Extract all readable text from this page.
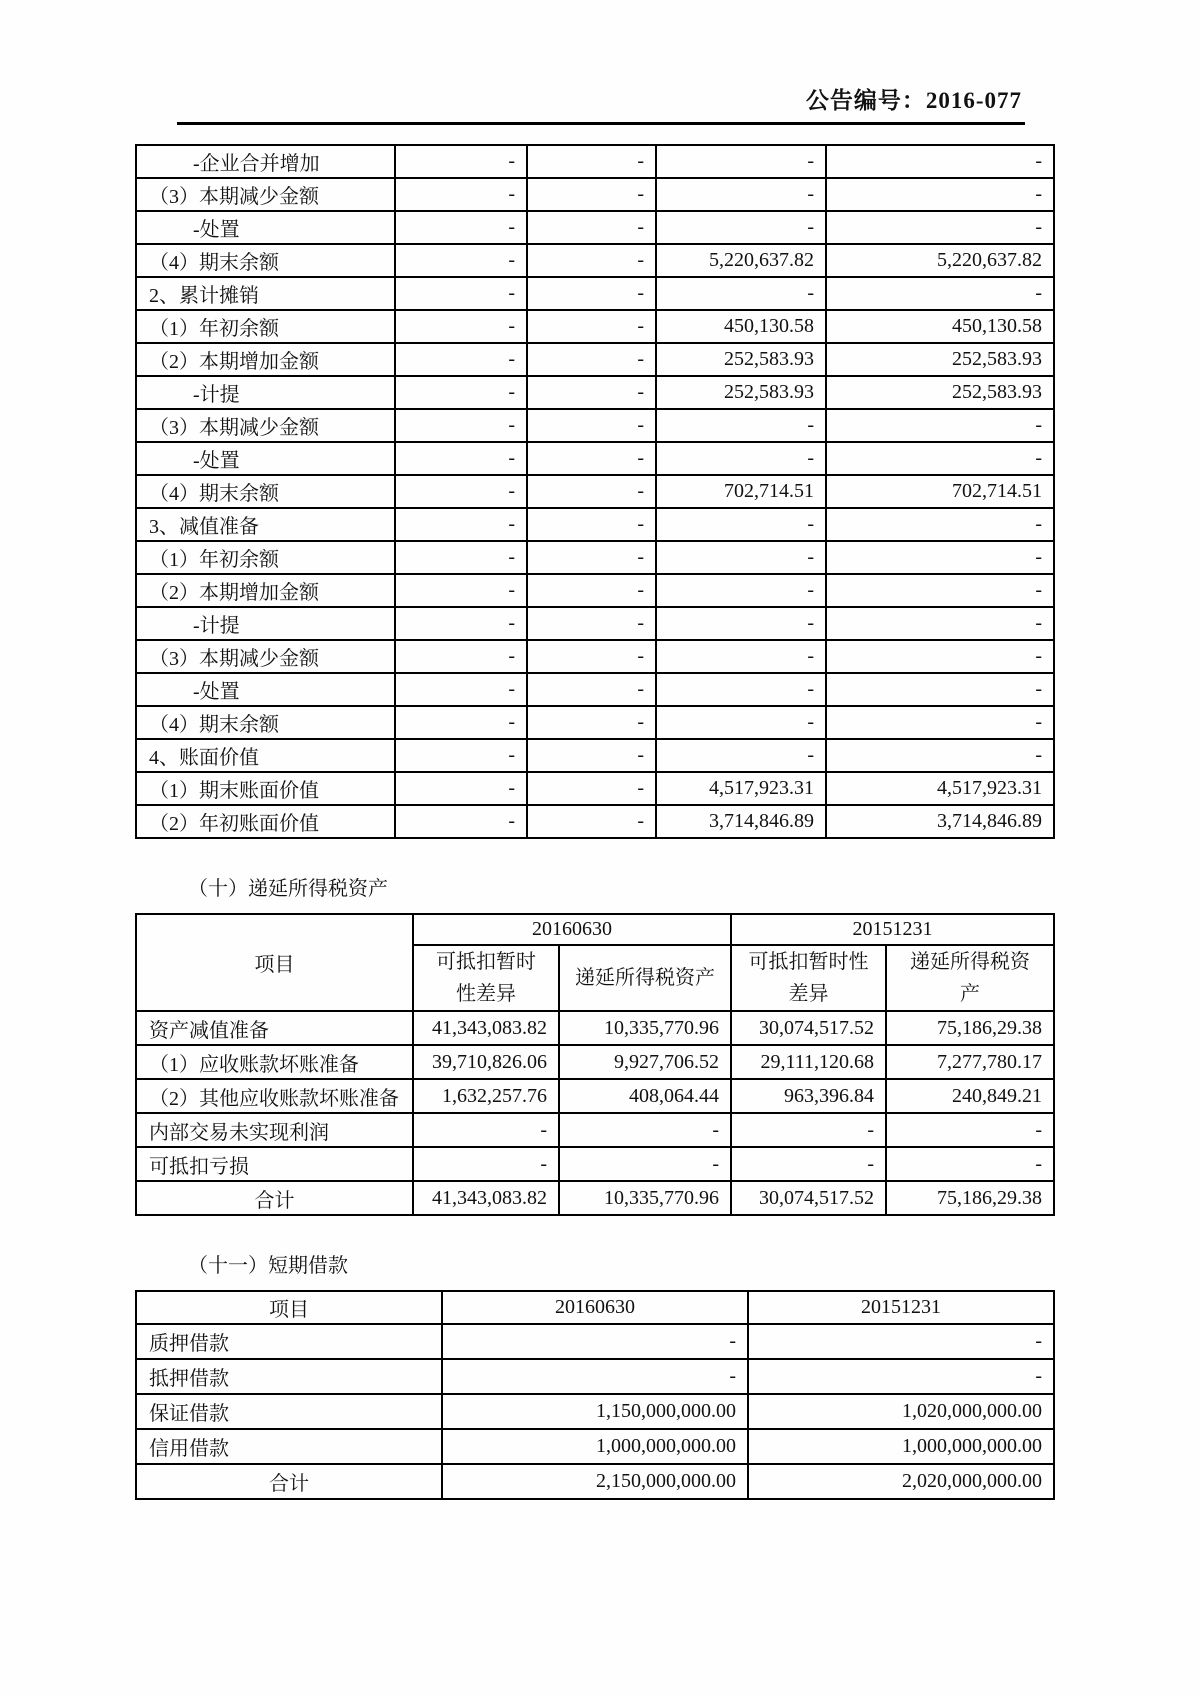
公告编号：2016-077
-企业合并增加	-	-	-	-
（3）本期减少金额	-	-	-	-
-处置	-	-	-	-
（4）期末余额	-	-	5,220,637.82	5,220,637.82
2、累计摊销	-	-	-	-
（1）年初余额	-	-	450,130.58	450,130.58
（2）本期增加金额	-	-	252,583.93	252,583.93
-计提	-	-	252,583.93	252,583.93
（3）本期减少金额	-	-	-	-
-处置	-	-	-	-
（4）期末余额	-	-	702,714.51	702,714.51
3、减值准备	-	-	-	-
（1）年初余额	-	-	-	-
（2）本期增加金额	-	-	-	-
-计提	-	-	-	-
（3）本期减少金额	-	-	-	-
-处置	-	-	-	-
（4）期末余额	-	-	-	-
4、账面价值	-	-	-	-
（1）期末账面价值	-	-	4,517,923.31	4,517,923.31
（2）年初账面价值	-	-	3,714,846.89	3,714,846.89
（十）递延所得税资产
项目	20160630		20151231	
	可抵扣暂时性差异	递延所得税资产	可抵扣暂时性差异	递延所得税资产
资产减值准备	41,343,083.82	10,335,770.96	30,074,517.52	75,186,29.38
（1）应收账款坏账准备	39,710,826.06	9,927,706.52	29,111,120.68	7,277,780.17
（2）其他应收账款坏账准备	1,632,257.76	408,064.44	963,396.84	240,849.21
内部交易未实现利润	-	-	-	-
可抵扣亏损	-	-	-	-
合计	41,343,083.82	10,335,770.96	30,074,517.52	75,186,29.38
（十一）短期借款
项目	20160630	20151231
质押借款	-	-
抵押借款	-	-
保证借款	1,150,000,000.00	1,020,000,000.00
信用借款	1,000,000,000.00	1,000,000,000.00
合计	2,150,000,000.00	2,020,000,000.00
